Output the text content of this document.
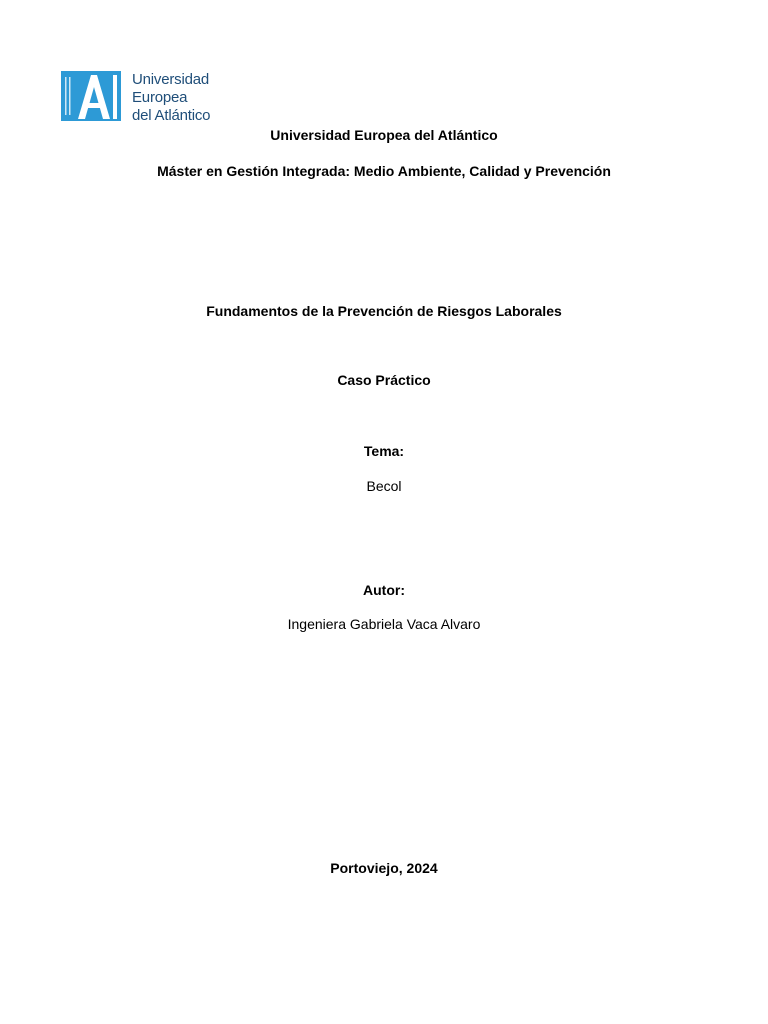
Universidad
Europea
del Atlántico
Universidad Europea del Atlántico
Máster en Gestión Integrada: Medio Ambiente, Calidad y Prevención
Fundamentos de la Prevención de Riesgos Laborales
Caso Práctico
Tema:
Becol
Autor:
Ingeniera Gabriela Vaca Alvaro
Portoviejo, 2024
